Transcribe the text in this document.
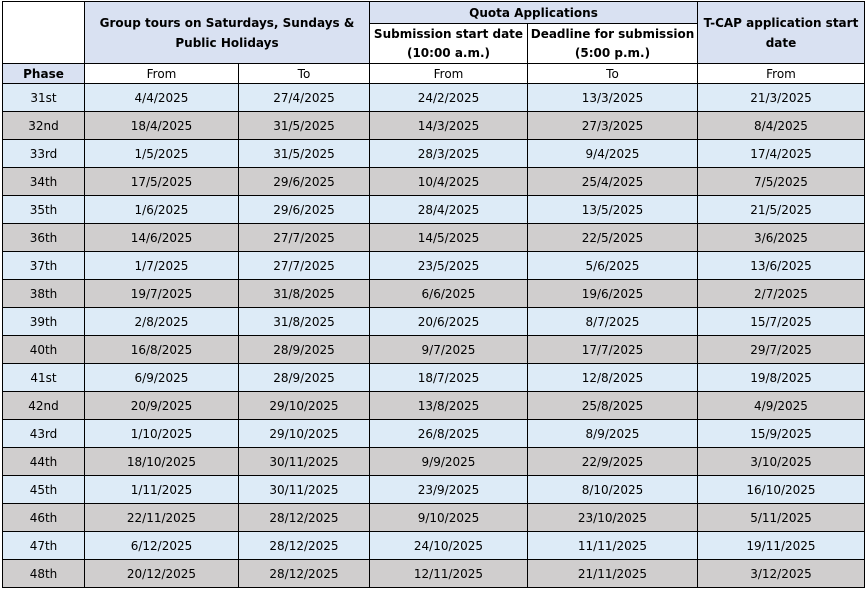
	Group tours on Saturdays, Sundays & Public Holidays		Quota Applications		T-CAP application start date
			Submission start date (10:00 a.m.)	Deadline for submission (5:00 p.m.)	

Phase	From	To	From	To	From
31st	4/4/2025	27/4/2025	24/2/2025	13/3/2025	21/3/2025
32nd	18/4/2025	31/5/2025	14/3/2025	27/3/2025	8/4/2025
33rd	1/5/2025	31/5/2025	28/3/2025	9/4/2025	17/4/2025
34th	17/5/2025	29/6/2025	10/4/2025	25/4/2025	7/5/2025
35th	1/6/2025	29/6/2025	28/4/2025	13/5/2025	21/5/2025
36th	14/6/2025	27/7/2025	14/5/2025	22/5/2025	3/6/2025
37th	1/7/2025	27/7/2025	23/5/2025	5/6/2025	13/6/2025
38th	19/7/2025	31/8/2025	6/6/2025	19/6/2025	2/7/2025
39th	2/8/2025	31/8/2025	20/6/2025	8/7/2025	15/7/2025
40th	16/8/2025	28/9/2025	9/7/2025	17/7/2025	29/7/2025
41st	6/9/2025	28/9/2025	18/7/2025	12/8/2025	19/8/2025
42nd	20/9/2025	29/10/2025	13/8/2025	25/8/2025	4/9/2025
43rd	1/10/2025	29/10/2025	26/8/2025	8/9/2025	15/9/2025
44th	18/10/2025	30/11/2025	9/9/2025	22/9/2025	3/10/2025
45th	1/11/2025	30/11/2025	23/9/2025	8/10/2025	16/10/2025
46th	22/11/2025	28/12/2025	9/10/2025	23/10/2025	5/11/2025
47th	6/12/2025	28/12/2025	24/10/2025	11/11/2025	19/11/2025
48th	20/12/2025	28/12/2025	12/11/2025	21/11/2025	3/12/2025
